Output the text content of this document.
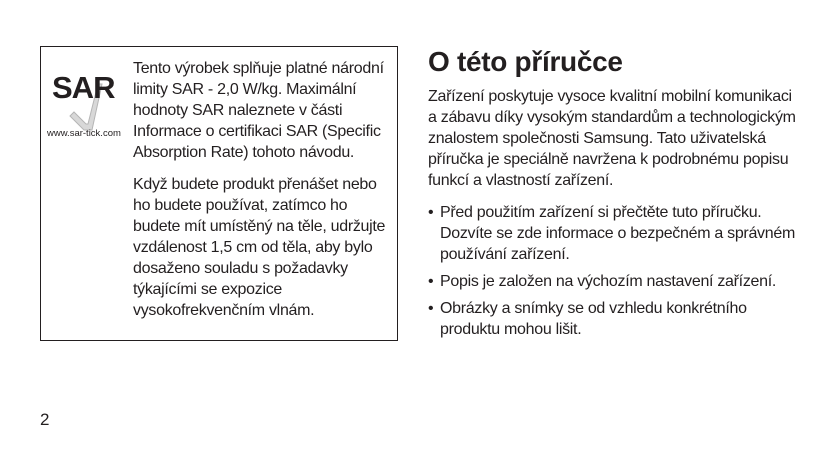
SAR
www.sar-tick.com

Tento výrobek splňuje platné národní limity SAR - 2,0 W/kg. Maximální hodnoty SAR naleznete v části Informace o certifikaci SAR (Specific Absorption Rate) tohoto návodu.

Když budete produkt přenášet nebo ho budete používat, zatímco ho budete mít umístěný na těle, udržujte vzdálenost 1,5 cm od těla, aby bylo dosaženo souladu s požadavky týkajícími se expozice vysokofrekvenčním vlnám.

O této příručce

Zařízení poskytuje vysoce kvalitní mobilní komunikaci a zábavu díky vysokým standardům a technologickým znalostem společnosti Samsung. Tato uživatelská příručka je speciálně navržena k podrobnému popisu funkcí a vlastností zařízení.

• Před použitím zařízení si přečtěte tuto příručku. Dozvíte se zde informace o bezpečném a správném používání zařízení.
• Popis je založen na výchozím nastavení zařízení.
• Obrázky a snímky se od vzhledu konkrétního produktu mohou lišit.
2
